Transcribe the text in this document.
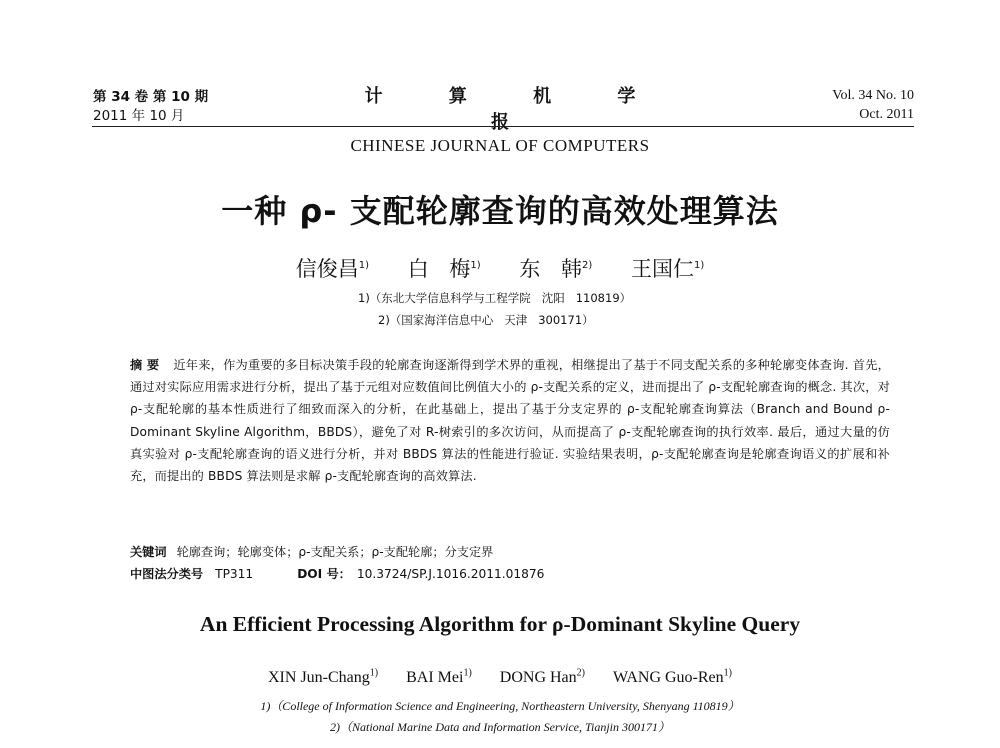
第 34 卷 第 10 期
2011 年 10 月
计 算 机 学 报
CHINESE JOURNAL OF COMPUTERS
Vol. 34 No. 10
Oct. 2011
一种 ρ- 支配轮廓查询的高效处理算法
信俊昌$^{1)}$ 白 梅$^{1)}$ 东 韩$^{2)}$ 王国仁$^{1)}$
1)（东北大学信息科学与工程学院   沈阳   110819）
2)（国家海洋信息中心   天津   300171）
摘 要 近年来，作为重要的多目标决策手段的轮廓查询逐渐得到学术界的重视，相继提出了基于不同支配关系的多种轮廓变体查询. 首先，通过对实际应用需求进行分析，提出了基于元组对应数值间比例值大小的 ρ-支配关系的定义，进而提出了 ρ-支配轮廓查询的概念. 其次，对 ρ-支配轮廓的基本性质进行了细致而深入的分析，在此基础上，提出了基于分支定界的 ρ-支配轮廓查询算法（Branch and Bound ρ-Dominant Skyline Algorithm，BBDS），避免了对 R-树索引的多次访问，从而提高了 ρ-支配轮廓查询的执行效率. 最后，通过大量的仿真实验对 ρ-支配轮廓查询的语义进行分析，并对 BBDS 算法的性能进行验证. 实验结果表明，ρ-支配轮廓查询是轮廓查询语义的扩展和补充，而提出的 BBDS 算法则是求解 ρ-支配轮廓查询的高效算法.
关键词 轮廓查询；轮廓变体；ρ-支配关系；ρ-支配轮廓；分支定界
中图法分类号 TP311	DOI 号： 10.3724/SP.J.1016.2011.01876
An Efficient Processing Algorithm for ρ-Dominant Skyline Query
XIN Jun-Chang$^{1)}$ BAI Mei$^{1)}$ DONG Han$^{2)}$ WANG Guo-Ren$^{1)}$
1)（College of Information Science and Engineering, Northeastern University, Shenyang 110819）
2)（National Marine Data and Information Service, Tianjin 300171）
